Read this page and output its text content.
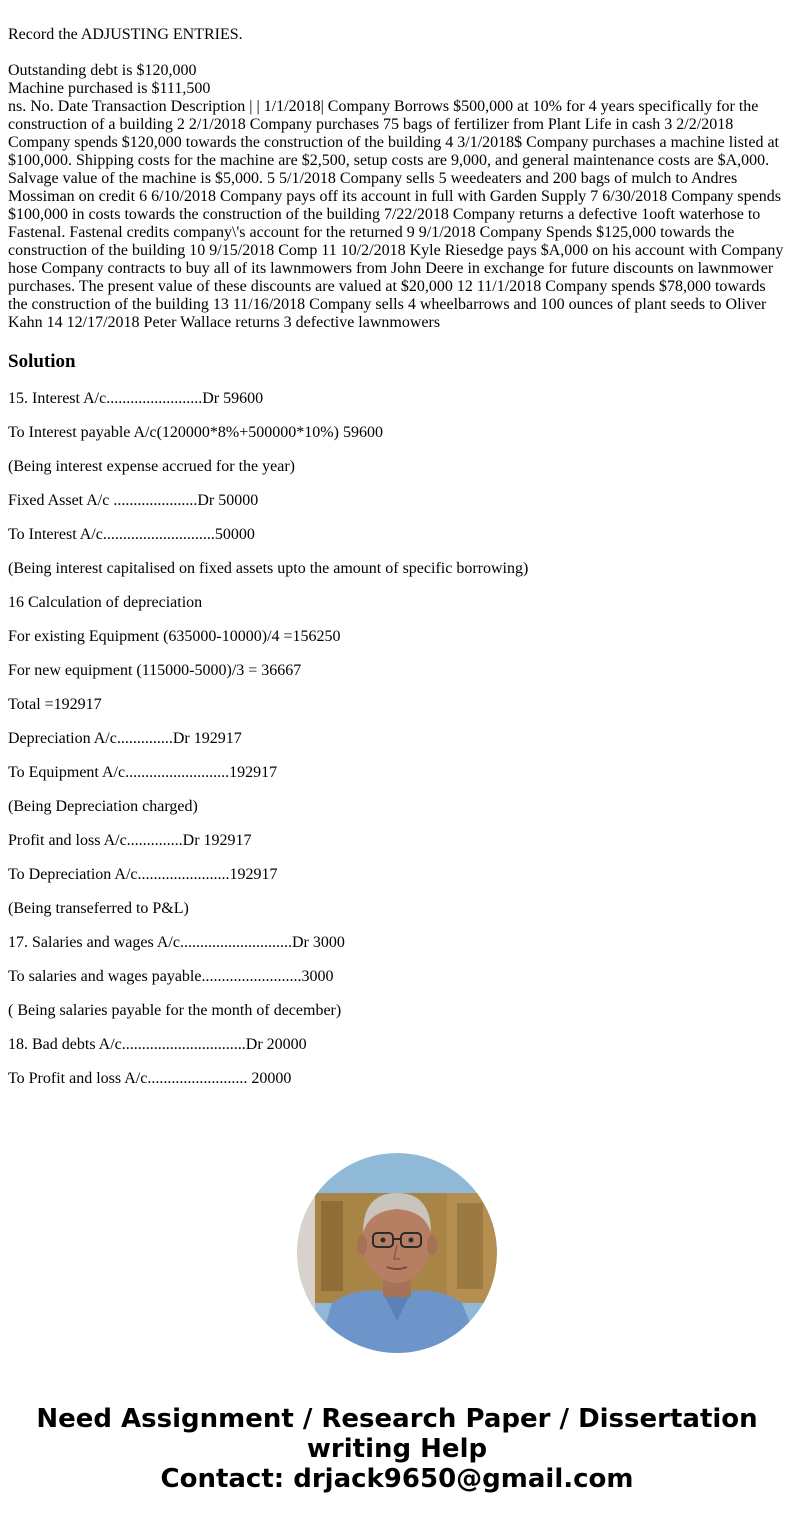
Record the ADJUSTING ENTRIES.
Outstanding debt is $120,000
Machine purchased is $111,500
ns. No. Date Transaction Description | | 1/1/2018| Company Borrows $500,000 at 10% for 4 years specifically for the construction of a building 2 2/1/2018 Company purchases 75 bags of fertilizer from Plant Life in cash 3 2/2/2018 Company spends $120,000 towards the construction of the building 4 3/1/2018$ Company purchases a machine listed at $100,000. Shipping costs for the machine are $2,500, setup costs are 9,000, and general maintenance costs are $A,000. Salvage value of the machine is $5,000. 5 5/1/2018 Company sells 5 weedeaters and 200 bags of mulch to Andres Mossiman on credit 6 6/10/2018 Company pays off its account in full with Garden Supply 7 6/30/2018 Company spends $100,000 in costs towards the construction of the building 7/22/2018 Company returns a defective 1ooft waterhose to Fastenal. Fastenal credits company\'s account for the returned 9 9/1/2018 Company Spends $125,000 towards the construction of the building 10 9/15/2018 Comp 11 10/2/2018 Kyle Riesedge pays $A,000 on his account with Company hose Company contracts to buy all of its lawnmowers from John Deere in exchange for future discounts on lawnmower purchases. The present value of these discounts are valued at $20,000 12 11/1/2018 Company spends $78,000 towards the construction of the building 13 11/16/2018 Company sells 4 wheelbarrows and 100 ounces of plant seeds to Oliver Kahn 14 12/17/2018 Peter Wallace returns 3 defective lawnmowers
Solution

15. Interest A/c........................Dr 59600

To Interest payable A/c(120000*8%+500000*10%) 59600

(Being interest expense accrued for the year)

Fixed Asset A/c .....................Dr 50000

To Interest A/c............................50000

(Being interest capitalised on fixed assets upto the amount of specific borrowing)

16 Calculation of depreciation

For existing Equipment (635000-10000)/4 =156250

For new equipment (115000-5000)/3 = 36667

Total =192917

Depreciation A/c..............Dr 192917

To Equipment A/c..........................192917

(Being Depreciation charged)

Profit and loss A/c..............Dr 192917

To Depreciation A/c.......................192917

(Being transeferred to P&L)

17. Salaries and wages A/c............................Dr 3000

To salaries and wages payable.........................3000

( Being salaries payable for the month of december)

18. Bad debts A/c...............................Dr 20000

To Profit and loss A/c......................... 20000

Need Assignment / Research Paper / Dissertation
writing Help
Contact: drjack9650@gmail.com
